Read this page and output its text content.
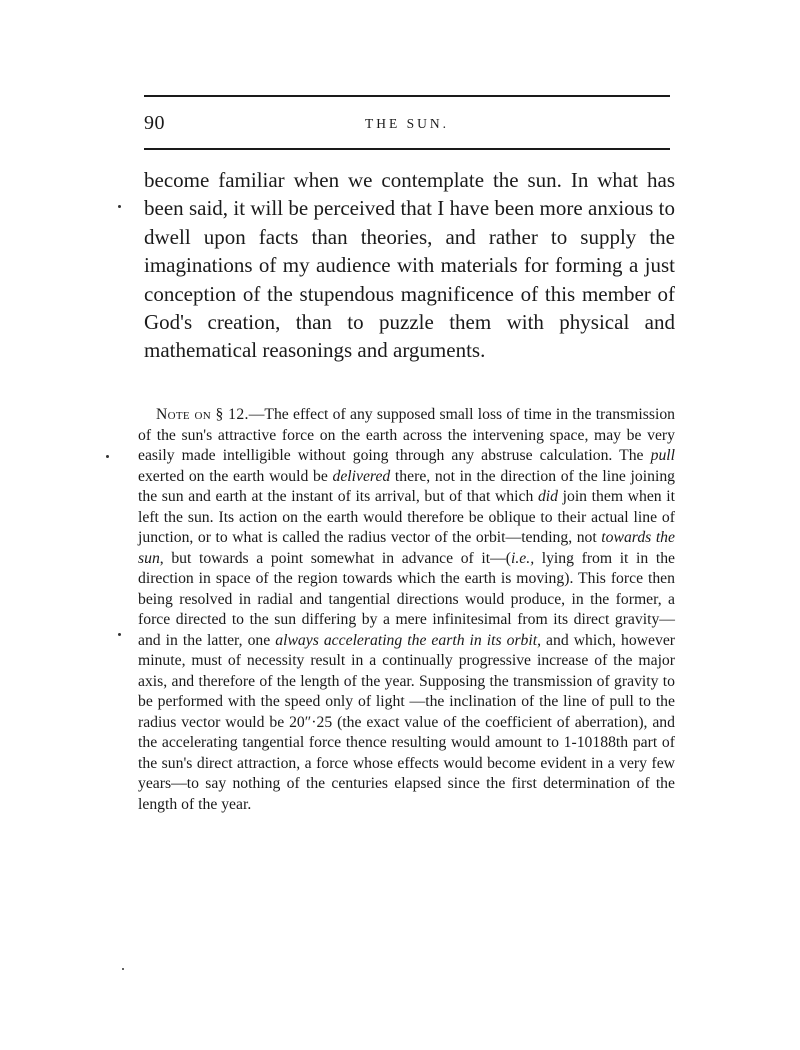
90	THE SUN.

become familiar when we contemplate the sun. In what has been said, it will be perceived that I have been more anxious to dwell upon facts than theories, and rather to supply the imaginations of my audience with materials for forming a just conception of the stupendous magnificence of this member of God's creation, than to puzzle them with physical and mathematical reasonings and arguments.

Note on § 12.—The effect of any supposed small loss of time in the transmission of the sun's attractive force on the earth across the intervening space, may be very easily made intelligible without going through any abstruse calculation. The pull exerted on the earth would be delivered there, not in the direction of the line joining the sun and earth at the instant of its arrival, but of that which did join them when it left the sun. Its action on the earth would therefore be oblique to their actual line of junction, or to what is called the radius vector of the orbit—tending, not towards the sun, but towards a point somewhat in advance of it—(i.e., lying from it in the direction in space of the region towards which the earth is moving). This force then being resolved in radial and tangential directions would produce, in the former, a force directed to the sun differing by a mere infinitesimal from its direct gravity—and in the latter, one always accelerating the earth in its orbit, and which, however minute, must of necessity result in a continually progressive increase of the major axis, and therefore of the length of the year. Supposing the transmission of gravity to be performed with the speed only of light —the inclination of the line of pull to the radius vector would be 20″·25 (the exact value of the coefficient of aberration), and the accelerating tangential force thence resulting would amount to 1-10188th part of the sun's direct attraction, a force whose effects would become evident in a very few years—to say nothing of the centuries elapsed since the first determination of the length of the year.
